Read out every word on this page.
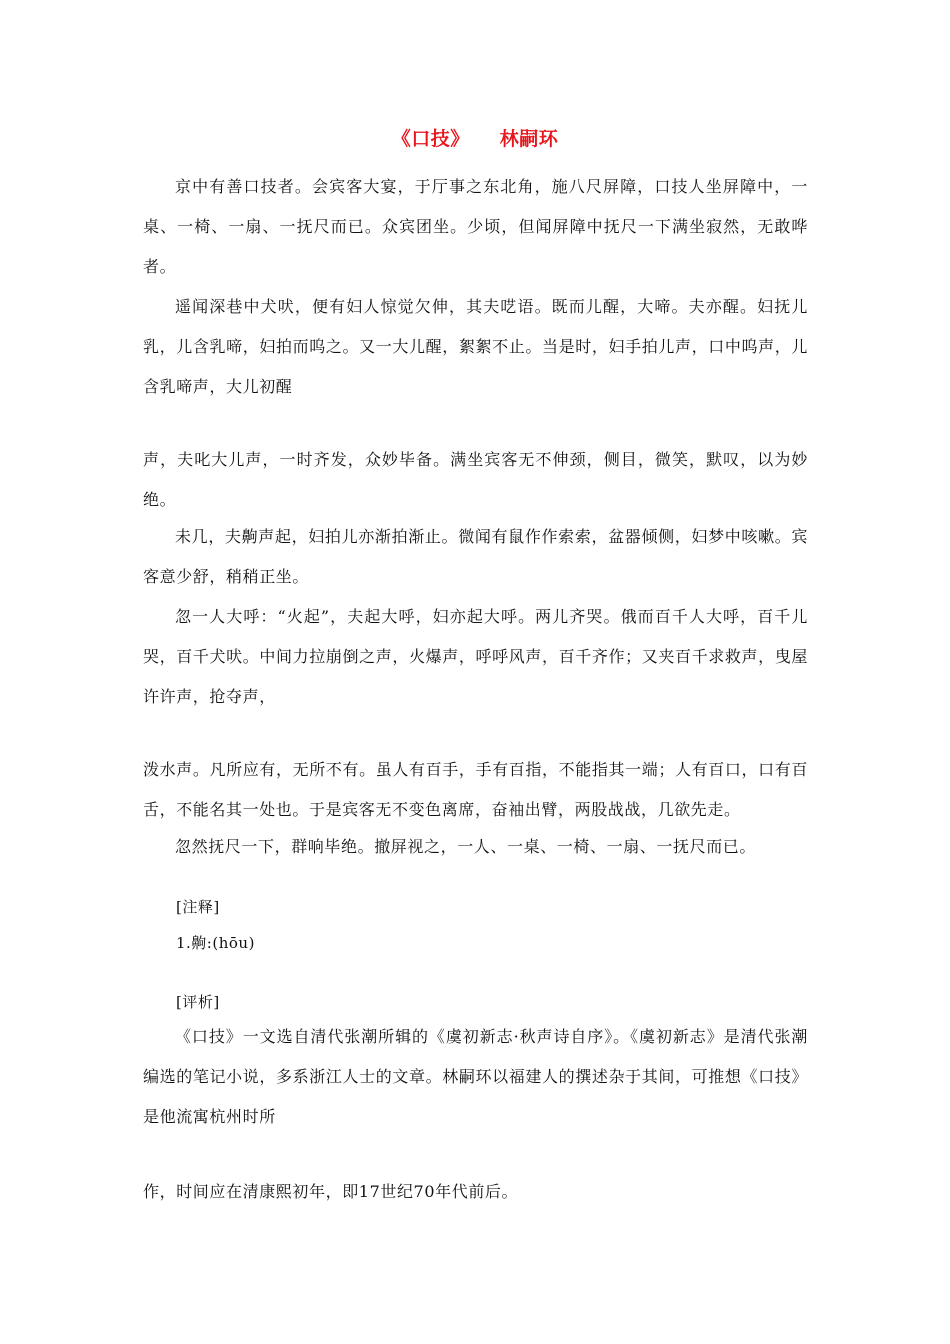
《口技》 林嗣环

京中有善口技者。会宾客大宴，于厅事之东北角，施八尺屏障，口技人坐屏障中，一桌、一椅、一扇、一抚尺而已。众宾团坐。少顷，但闻屏障中抚尺一下满坐寂然，无敢哗者。

遥闻深巷中犬吠，便有妇人惊觉欠伸，其夫呓语。既而儿醒，大啼。夫亦醒。妇抚儿乳，儿含乳啼，妇拍而呜之。又一大儿醒，絮絮不止。当是时，妇手拍儿声，口中呜声，儿含乳啼声，大儿初醒

声，夫叱大儿声，一时齐发，众妙毕备。满坐宾客无不伸颈，侧目，微笑，默叹，以为妙绝。

未几，夫齁声起，妇拍儿亦渐拍渐止。微闻有鼠作作索索，盆器倾侧，妇梦中咳嗽。宾客意少舒，稍稍正坐。

忽一人大呼：“火起”，夫起大呼，妇亦起大呼。两儿齐哭。俄而百千人大呼，百千儿哭，百千犬吠。中间力拉崩倒之声，火爆声，呼呼风声，百千齐作；又夹百千求救声，曳屋许许声，抢夺声，

泼水声。凡所应有，无所不有。虽人有百手，手有百指，不能指其一端；人有百口，口有百舌，不能名其一处也。于是宾客无不变色离席，奋袖出臂，两股战战，几欲先走。

忽然抚尺一下，群响毕绝。撤屏视之，一人、一桌、一椅、一扇、一抚尺而已。

[注释]
1.齁:(hōu)
[评析]

《口技》一文选自清代张潮所辑的《虞初新志·秋声诗自序》。《虞初新志》是清代张潮编选的笔记小说，多系浙江人士的文章。林嗣环以福建人的撰述杂于其间，可推想《口技》是他流寓杭州时所

作，时间应在清康熙初年，即17世纪70年代前后。
